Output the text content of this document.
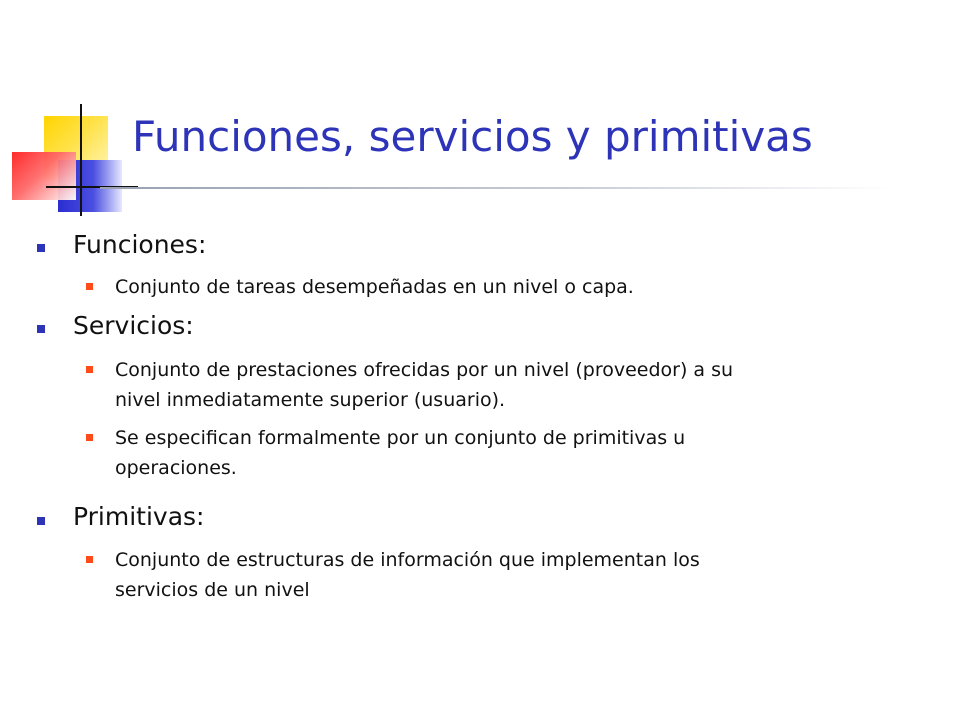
Funciones, servicios y primitivas
Funciones:
Conjunto de tareas desempeñadas en un nivel o capa.
Servicios:
Conjunto de prestaciones ofrecidas por un nivel (proveedor) a su
nivel inmediatamente superior (usuario).
Se especifican formalmente por un conjunto de primitivas u
operaciones.
Primitivas:
Conjunto de estructuras de información que implementan los
servicios de un nivel
